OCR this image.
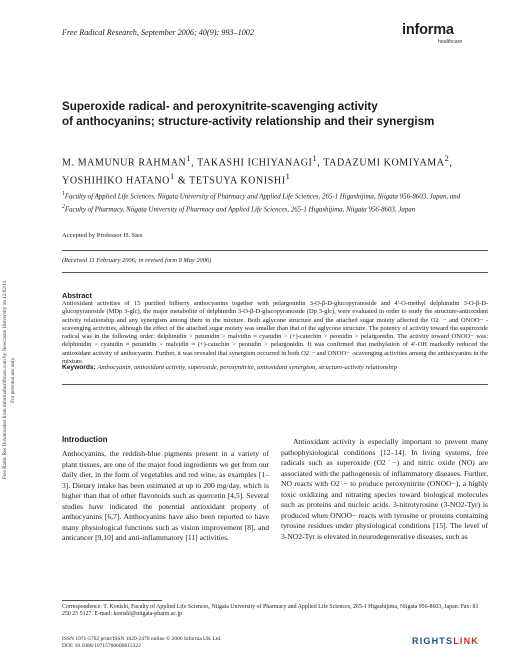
Free Radic Res Downloaded from informahealthcare.com by Newcastle University on 12/02/11 For personal use only.
Free Radical Research, September 2006; 40(9): 993–1002	informa
healthcare
Superoxide radical- and peroxynitrite-scavenging activity
of anthocyanins; structure-activity relationship and their synergism
M. MAMUNUR RAHMAN$^1$, TAKASHI ICHIYANAGI$^1$, TADAZUMI KOMIYAMA$^2$,
YOSHIHIKO HATANO$^1$ & TETSUYA KONISHI$^1$
$^1$Faculty of Applied Life Sciences, Niigata University of Pharmacy and Applied Life Sciences, 265-1 Higashijima, Niigata 956-8603, Japan, and $^2$Faculty of Pharmacy, Niigata University of Pharmacy and Applied Life Sciences, 265-1 Higashijima, Niigata 956-8603, Japan
Accepted by Professor H. Sies
(Received 11 February 2006; in revised form 8 May 2006)
Abstract
Antioxidant activities of 15 purified bilberry anthocyanins together with pelargonidin 3-O-β-D-glucopyranoside and 4′-O-methyl delphinidin 3-O-β-D-glucopyranoside (MDp 3-glc), the major metabolite of delphinidin 3-O-β-D-glucopyranoside (Dp 3-glc), were evaluated in order to study the structure-antioxidant activity relationship and any synergism among them in the mixture. Both aglycone structure and the attached sugar moiety affected the O2˙− and ONOO− -scavenging activities, although the effect of the attached sugar moiety was smaller than that of the aglycone structure. The potency of activity toward the superoxide radical was in the following order: delphinidin > petunidin > malvidin ≈ cyanidin > (+)-catechin > peonidin > pelargonidin. The activity toward ONOO− was: delphinidin > cyanidin ≈ petunidin > malvidin ≈ (+)-catechin > peonidin > pelargonidin. It was confirmed that methylation of 4′-OH markedly reduced the antioxidant activity of anthocyanin. Further, it was revealed that synergism occurred in both O2˙− and ONOO− -scavenging activities among the anthocyanins in the mixture.
Keywords: Anthocyanin, antioxidant activity, superoxide, peroxynitrite, antioxidant synergism, structure-activity relationship
Introduction
Anthocyanins, the reddish-blue pigments present in a variety of plant tissues, are one of the major food ingredients we get from our daily diet, in the form of vegetables and red wine, as examples [1–3]. Dietary intake has been estimated at up to 200 mg/day, which is higher than that of other flavonoids such as quercetin [4,5]. Several studies have indicated the potential antioxidant property of anthocyanins [6,7]. Anthocyanins have also been reported to have many physiological functions such as vision improvement [8], and anticancer [9,10] and anti-inflammatory [11] activities.
Antioxidant activity is especially important to prevent many pathophysiological conditions [12–14]. In living systems, free radicals such as superoxide (O2˙−) and nitric oxide (NO) are associated with the pathogenesis of inflammatory diseases. Further, NO reacts with O2˙− to produce peroxynitrite (ONOO−), a highly toxic oxidizing and nitrating species toward biological molecules such as proteins and nucleic acids. 3-nitrotyrosine (3-NO2-Tyr) is produced when ONOO− reacts with tyrosine or proteins containing tyrosine residues under physiological conditions [15]. The level of 3-NO2-Tyr is elevated in neurodegenerative diseases, such as
Correspondence: T. Konishi, Faculty of Applied Life Sciences, Niigata University of Pharmacy and Applied Life Sciences, 265-1 Higashijima, Niigata 956-8603, Japan. Fax: 81 250 25 5127. E-mail: konishi@niigata-pharm.ac.jp
ISSN 1071-5762 print/ISSN 1029-2470 online © 2006 Informa UK Ltd.
DOI: 10.1080/10715760600815322	RIGHTSLINK
